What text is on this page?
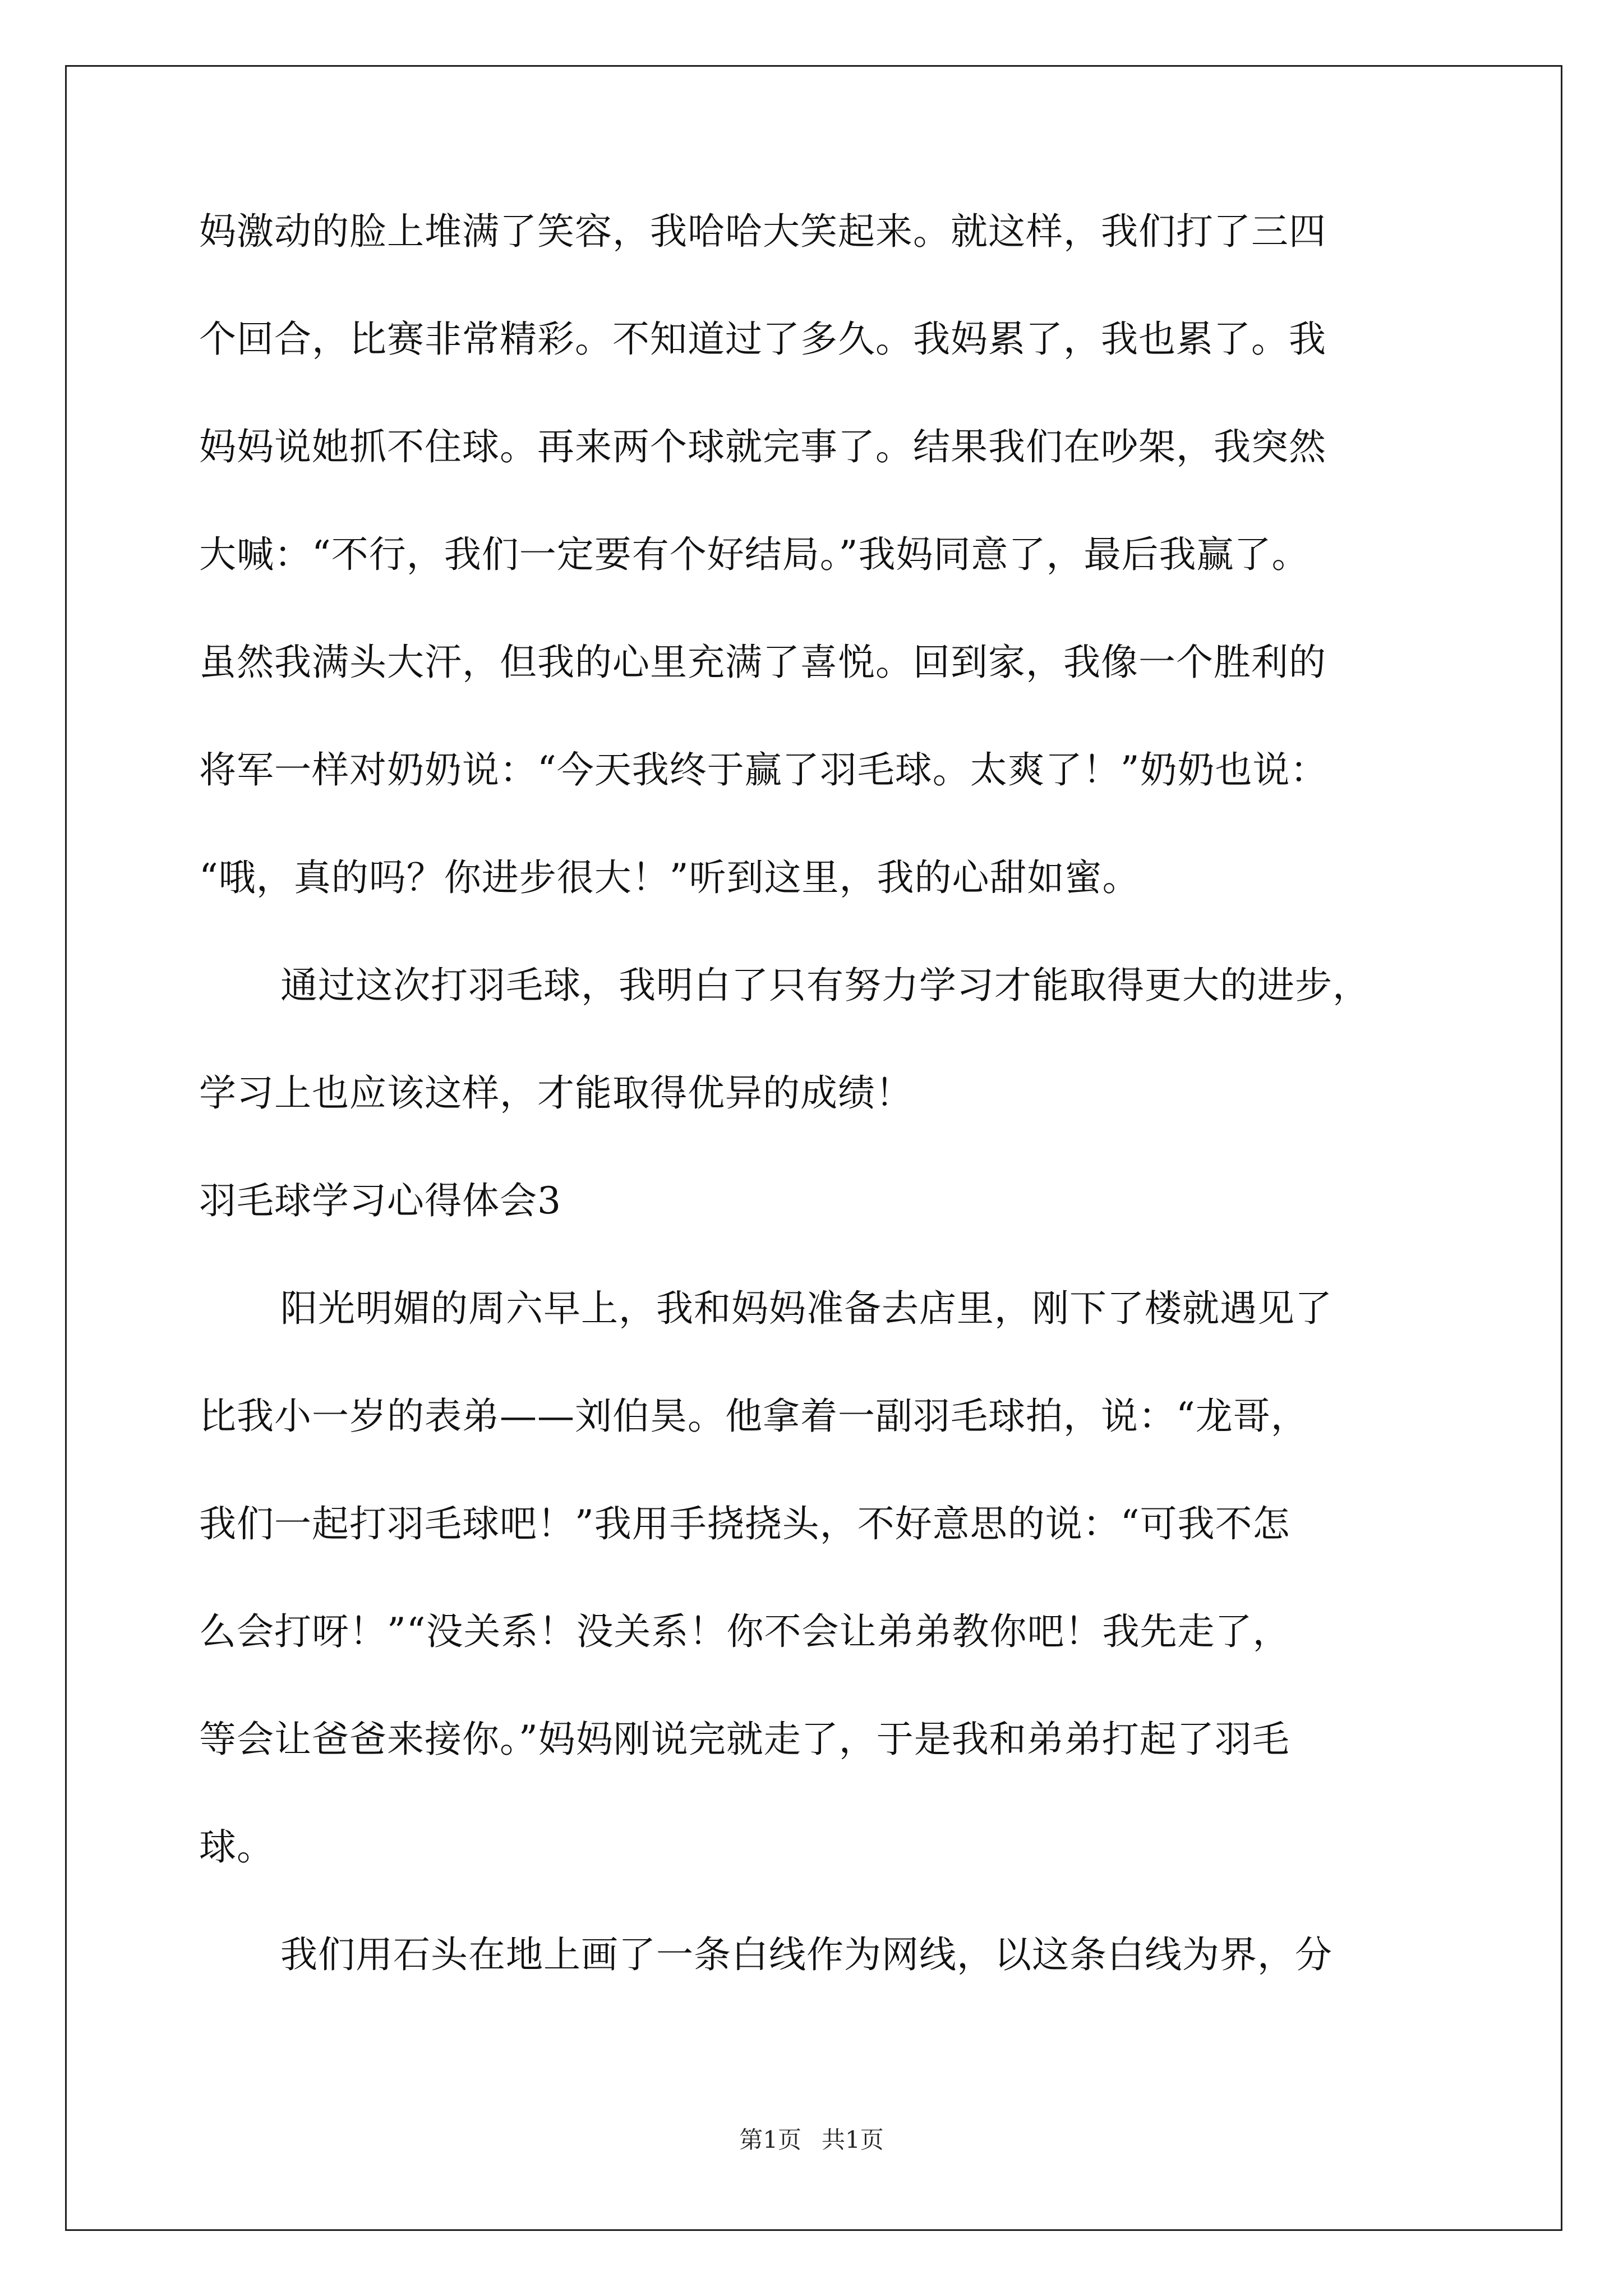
妈激动的脸上堆满了笑容，我哈哈大笑起来。就这样，我们打了三四
个回合，比赛非常精彩。不知道过了多久。我妈累了，我也累了。我
妈妈说她抓不住球。再来两个球就完事了。结果我们在吵架，我突然
大喊：“不行，我们一定要有个好结局。”我妈同意了，最后我赢了。
虽然我满头大汗，但我的心里充满了喜悦。回到家，我像一个胜利的
将军一样对奶奶说：“今天我终于赢了羽毛球。太爽了！”奶奶也说：
“哦，真的吗？你进步很大！”听到这里，我的心甜如蜜。
通过这次打羽毛球，我明白了只有努力学习才能取得更大的进步，
学习上也应该这样，才能取得优异的成绩！
羽毛球学习心得体会3
阳光明媚的周六早上，我和妈妈准备去店里，刚下了楼就遇见了
比我小一岁的表弟——刘伯昊。他拿着一副羽毛球拍，说：“龙哥，
我们一起打羽毛球吧！”我用手挠挠头，不好意思的说：“可我不怎
么会打呀！”“没关系！没关系！你不会让弟弟教你吧！我先走了，
等会让爸爸来接你。”妈妈刚说完就走了，于是我和弟弟打起了羽毛
球。
我们用石头在地上画了一条白线作为网线，以这条白线为界，分
第1页 共1页
